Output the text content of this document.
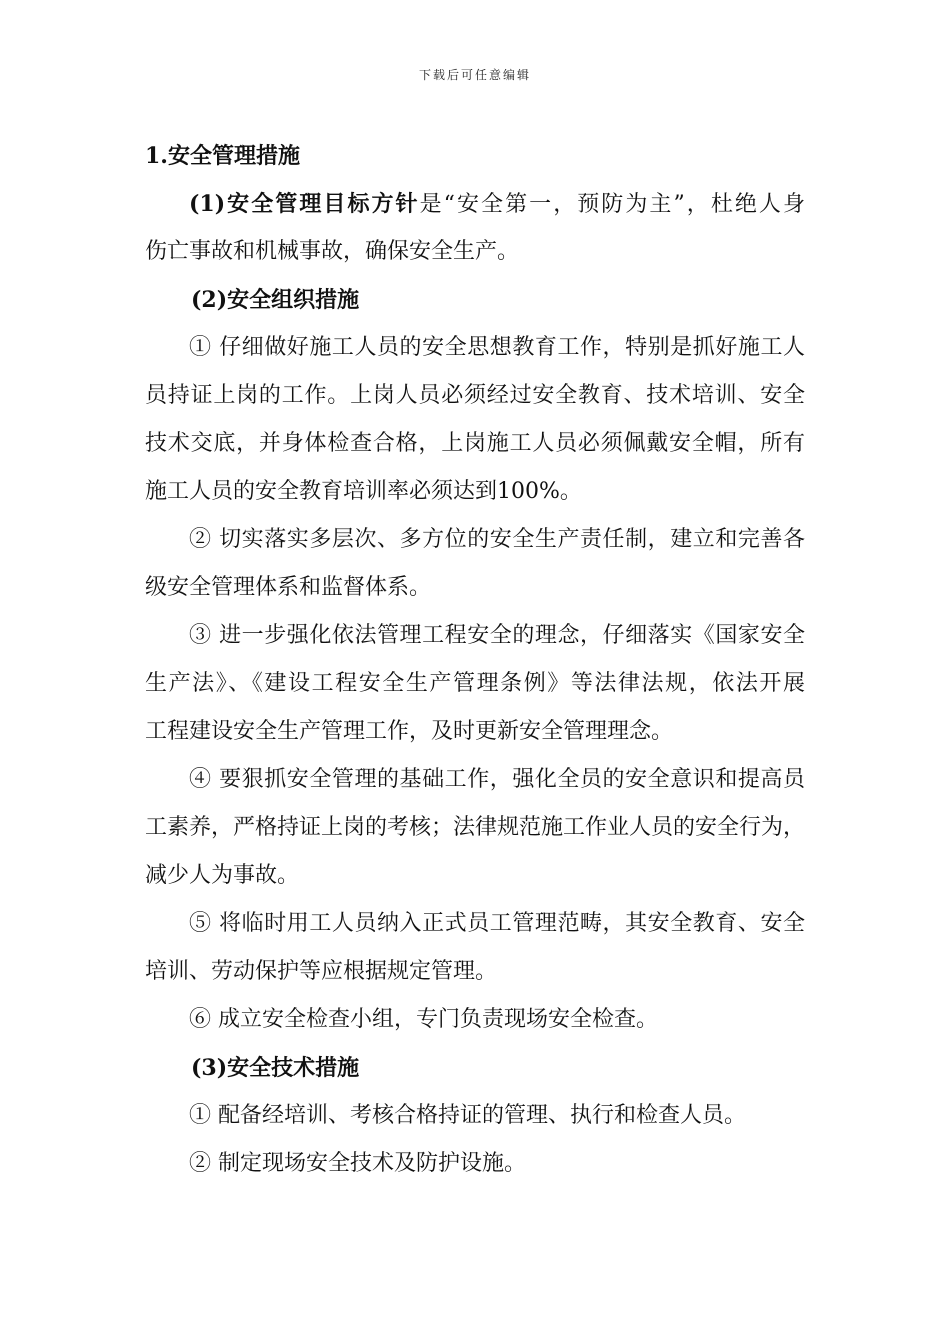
下载后可任意编辑
1.安全管理措施
(1)安全管理目标方针是“安全第一，预防为主”，杜绝人身
伤亡事故和机械事故，确保安全生产。
(2)安全组织措施
① 仔细做好施工人员的安全思想教育工作，特别是抓好施工人
员持证上岗的工作。上岗人员必须经过安全教育、技术培训、安全
技术交底，并身体检查合格，上岗施工人员必须佩戴安全帽，所有
施工人员的安全教育培训率必须达到100%。
② 切实落实多层次、多方位的安全生产责任制，建立和完善各
级安全管理体系和监督体系。
③ 进一步强化依法管理工程安全的理念，仔细落实《国家安全
生产法》、《建设工程安全生产管理条例》等法律法规，依法开展
工程建设安全生产管理工作，及时更新安全管理理念。
④ 要狠抓安全管理的基础工作，强化全员的安全意识和提高员
工素养，严格持证上岗的考核；法律规范施工作业人员的安全行为，
减少人为事故。
⑤ 将临时用工人员纳入正式员工管理范畴，其安全教育、安全
培训、劳动保护等应根据规定管理。
⑥ 成立安全检查小组，专门负责现场安全检查。
(3)安全技术措施
① 配备经培训、考核合格持证的管理、执行和检查人员。
② 制定现场安全技术及防护设施。
